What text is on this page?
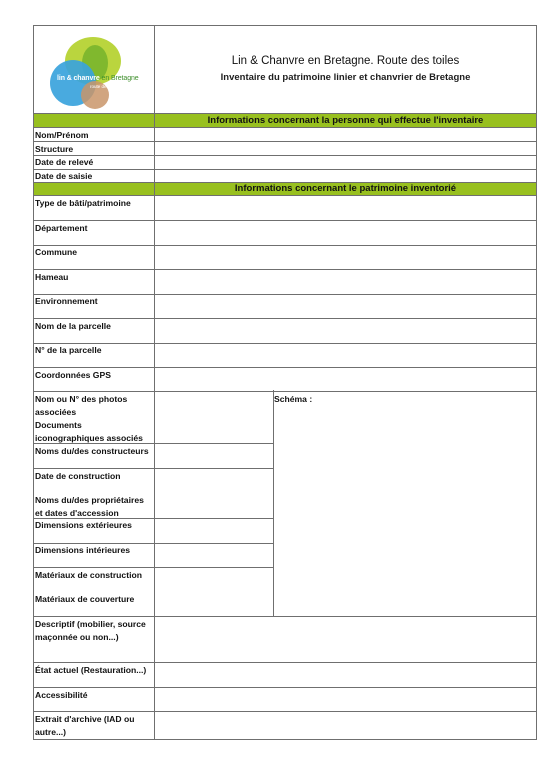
lin & chanvre en Bretagne
route des toiles
Lin & Chanvre en Bretagne. Route des toiles
Inventaire du patrimoine linier et chanvrier de Bretagne
Informations concernant la personne qui effectue l'inventaire
Informations concernant le patrimoine inventorié
Nom/Prénom
Structure
Date de relevé
Date de saisie
Type de bâti/patrimoine
Département
Commune
Hameau
Environnement
Nom de la parcelle
N° de la parcelle
Coordonnées GPS
Nom ou N° des photos associées
Documents iconographiques associés
Noms du/des constructeurs
Date de construction
Noms du/des propriétaires et dates d'accession
Dimensions extérieures
Dimensions intérieures
Matériaux de construction
Matériaux de couverture
Schéma :
Descriptif (mobilier, source maçonnée ou non...)
État actuel (Restauration...)
Accessibilité
Extrait d'archive (IAD ou autre...)
